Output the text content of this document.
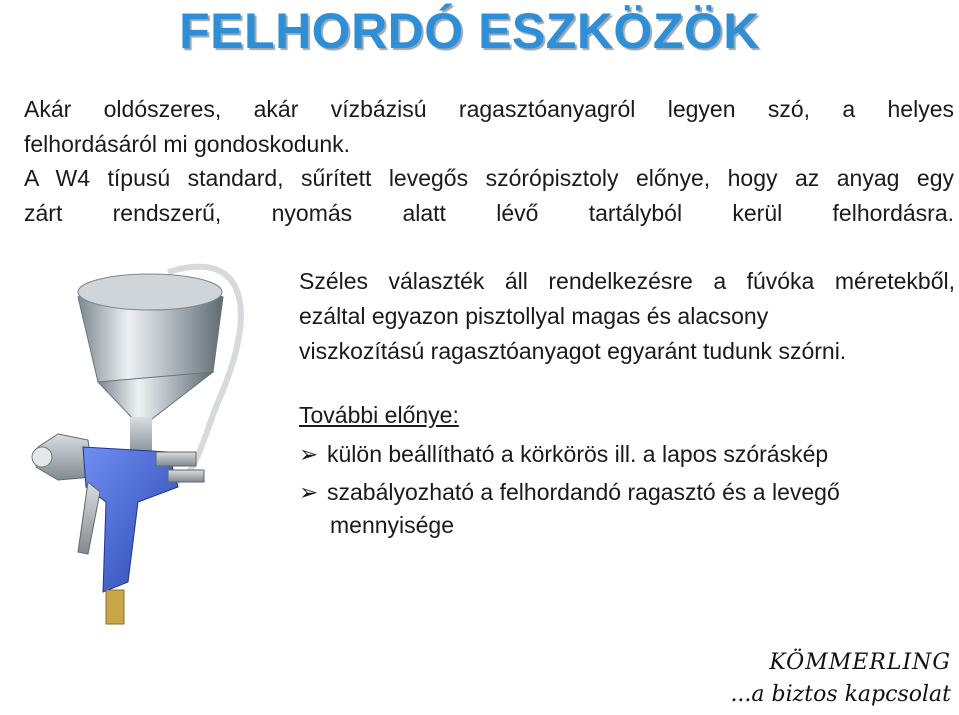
FELHORDÓ ESZKÖZÖK

Akár oldószeres, akár vízbázisú ragasztóanyagról legyen szó, a helyes

felhordásáról mi gondoskodunk.

A W4 típusú standard, sűrített levegős szórópisztoly előnye, hogy az anyag egy

zárt rendszerű, nyomás alatt lévő tartályból kerül felhordásra.

Széles választék áll rendelkezésre a fúvóka méretekből,

ezáltal egyazon pisztollyal magas és alacsony

viszkozítású ragasztóanyagot egyaránt tudunk szórni.

További előnye:

➢ külön beállítható a körkörös ill. a lapos szóráskép

➢ szabályozható a felhordandó ragasztó és a levegő

mennyisége

KÖMMERLING
...a biztos kapcsolat
